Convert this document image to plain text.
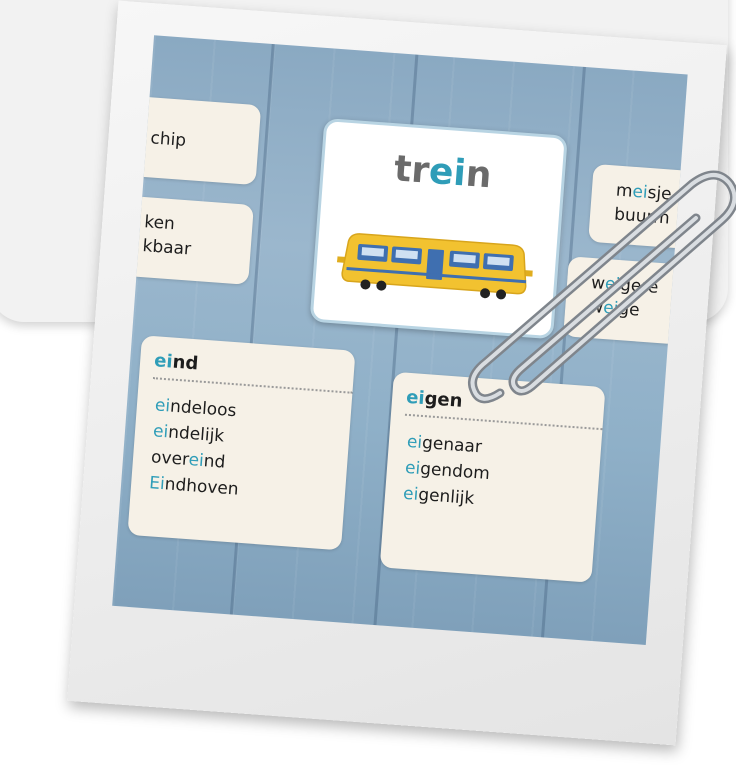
chip
ken
kbaar
trein	meisje
buurm
weigere
weige
eind
eindeloos
eindelijk
overeind
Eindhoven
eigen
eigenaar
eigendom
eigenlijk
